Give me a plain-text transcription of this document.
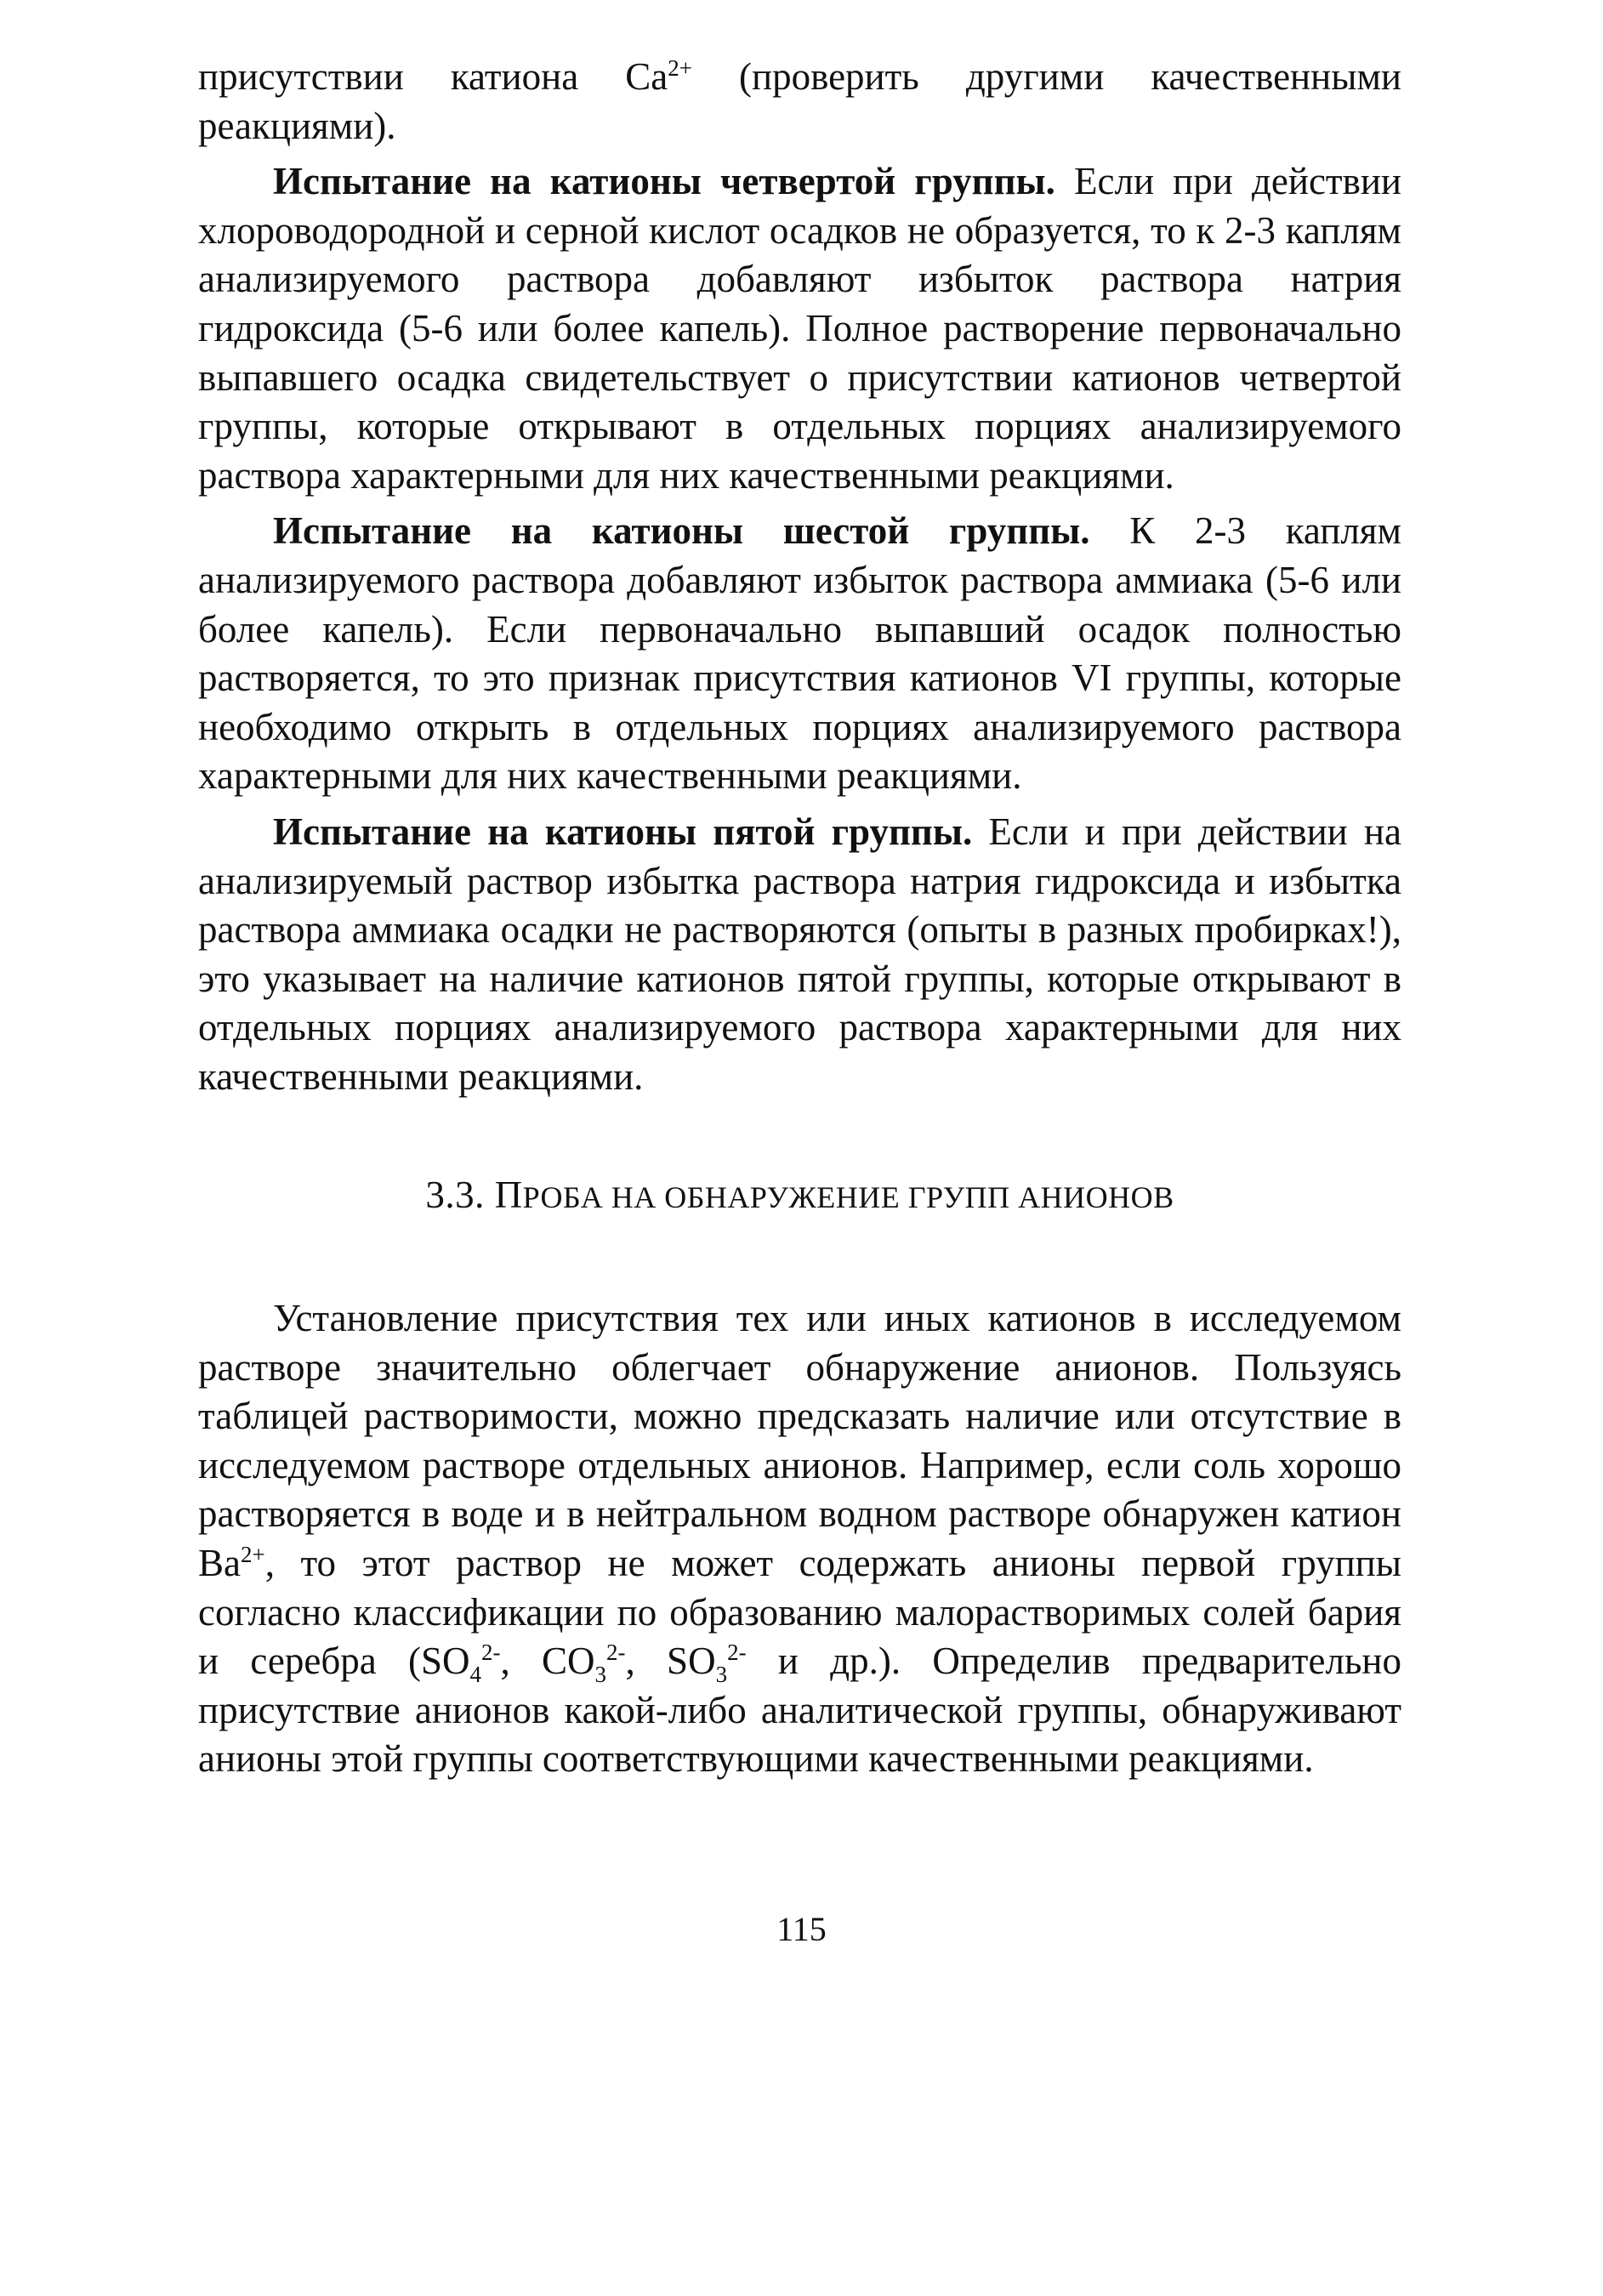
присутствии катиона $Ca^{2+}$ (проверить другими качественными реакциями).

Испытание на катионы четвертой группы. Если при действии хлороводородной и серной кислот осадков не образуется, то к 2-3 каплям анализируемого раствора добавляют избыток раствора натрия гидроксида (5-6 или более капель). Полное растворение первоначально выпавшего осадка свидетельствует о присутствии катионов четвертой группы, которые открывают в отдельных порциях анализируемого раствора характерными для них качественными реакциями.

Испытание на катионы шестой группы. К 2-3 каплям анализируемого раствора добавляют избыток раствора аммиака (5-6 или более капель). Если первоначально выпавший осадок полностью растворяется, то это признак присутствия катионов VI группы, которые необходимо открыть в отдельных порциях анализируемого раствора характерными для них качественными реакциями.

Испытание на катионы пятой группы. Если и при действии на анализируемый раствор избытка раствора натрия гидроксида и избытка раствора аммиака осадки не растворяются (опыты в разных пробирках!), это указывает на наличие катионов пятой группы, которые открывают в отдельных порциях анализируемого раствора характерными для них качественными реакциями.

3.3. ПРОБА НА ОБНАРУЖЕНИЕ ГРУПП АНИОНОВ

Установление присутствия тех или иных катионов в исследуемом растворе значительно облегчает обнаружение анионов. Пользуясь таблицей растворимости, можно предсказать наличие или отсутствие в исследуемом растворе отдельных анионов. Например, если соль хорошо растворяется в воде и в нейтральном водном растворе обнаружен катион $Ba^{2+}$, то этот раствор не может содержать анионы первой группы согласно классификации по образованию малорастворимых солей бария и серебра ($SO_4^{2-}$, $CO_3^{2-}$, $SO_3^{2-}$ и др.). Определив предварительно присутствие анионов какой-либо аналитической группы, обнаруживают анионы этой группы соответствующими качественными реакциями.

115
